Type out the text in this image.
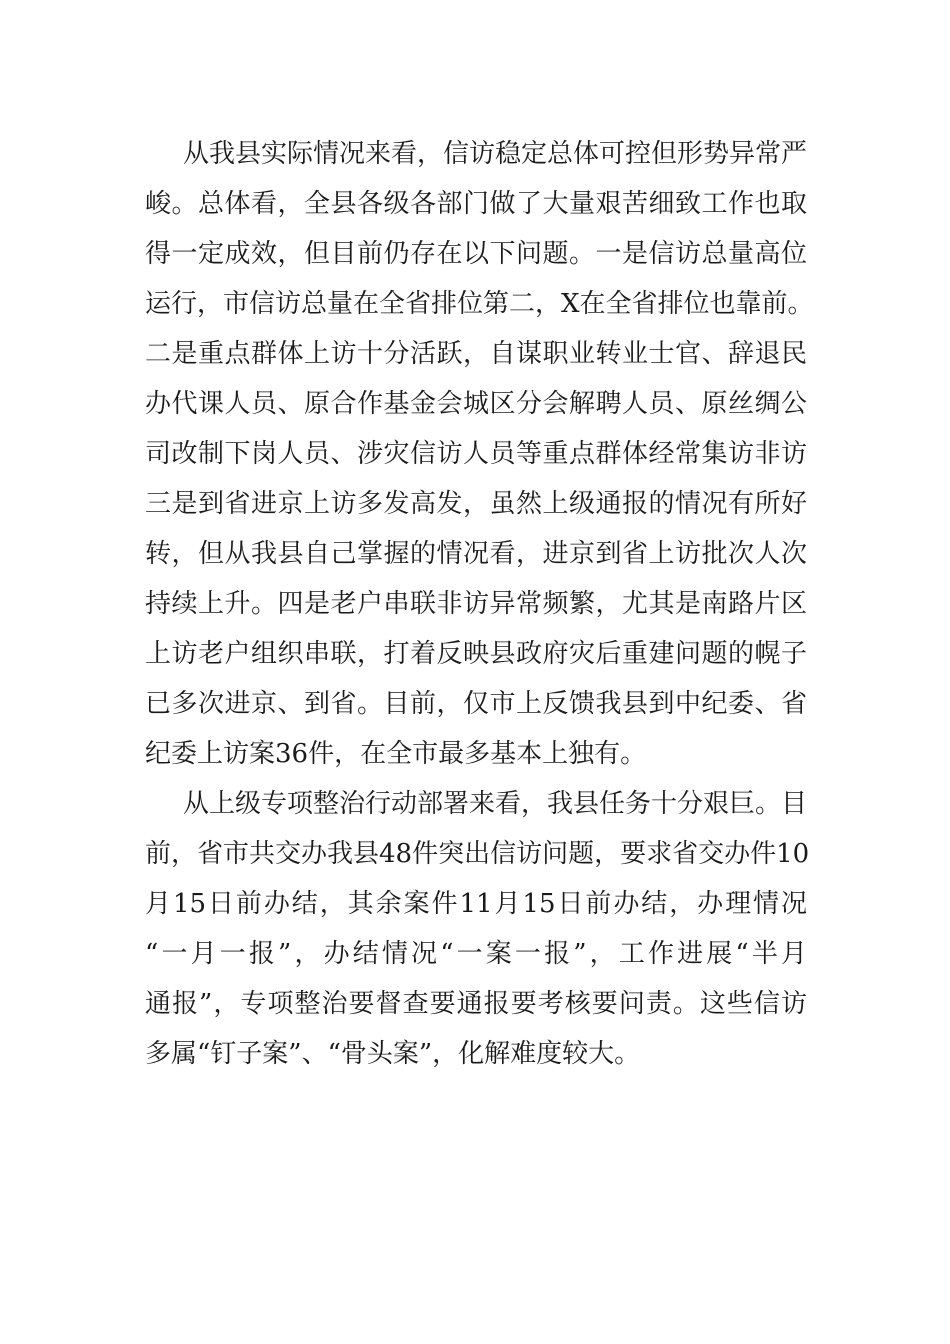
从我县实际情况来看，信访稳定总体可控但形势异常严

峻。总体看，全县各级各部门做了大量艰苦细致工作也取

得一定成效，但目前仍存在以下问题。一是信访总量高位

运行，市信访总量在全省排位第二，X在全省排位也靠前。

二是重点群体上访十分活跃，自谋职业转业士官、辞退民

办代课人员、原合作基金会城区分会解聘人员、原丝绸公

司改制下岗人员、涉灾信访人员等重点群体经常集访非访

三是到省进京上访多发高发，虽然上级通报的情况有所好

转，但从我县自己掌握的情况看，进京到省上访批次人次

持续上升。四是老户串联非访异常频繁，尤其是南路片区

上访老户组织串联，打着反映县政府灾后重建问题的幌子

已多次进京、到省。目前，仅市上反馈我县到中纪委、省

纪委上访案36件，在全市最多基本上独有。

从上级专项整治行动部署来看，我县任务十分艰巨。目

前，省市共交办我县48件突出信访问题，要求省交办件10

月15日前办结，其余案件11月15日前办结，办理情况

“一月一报”，办结情况“一案一报”，工作进展“半月

通报”，专项整治要督查要通报要考核要问责。这些信访

多属“钉子案”、“骨头案”，化解难度较大。
